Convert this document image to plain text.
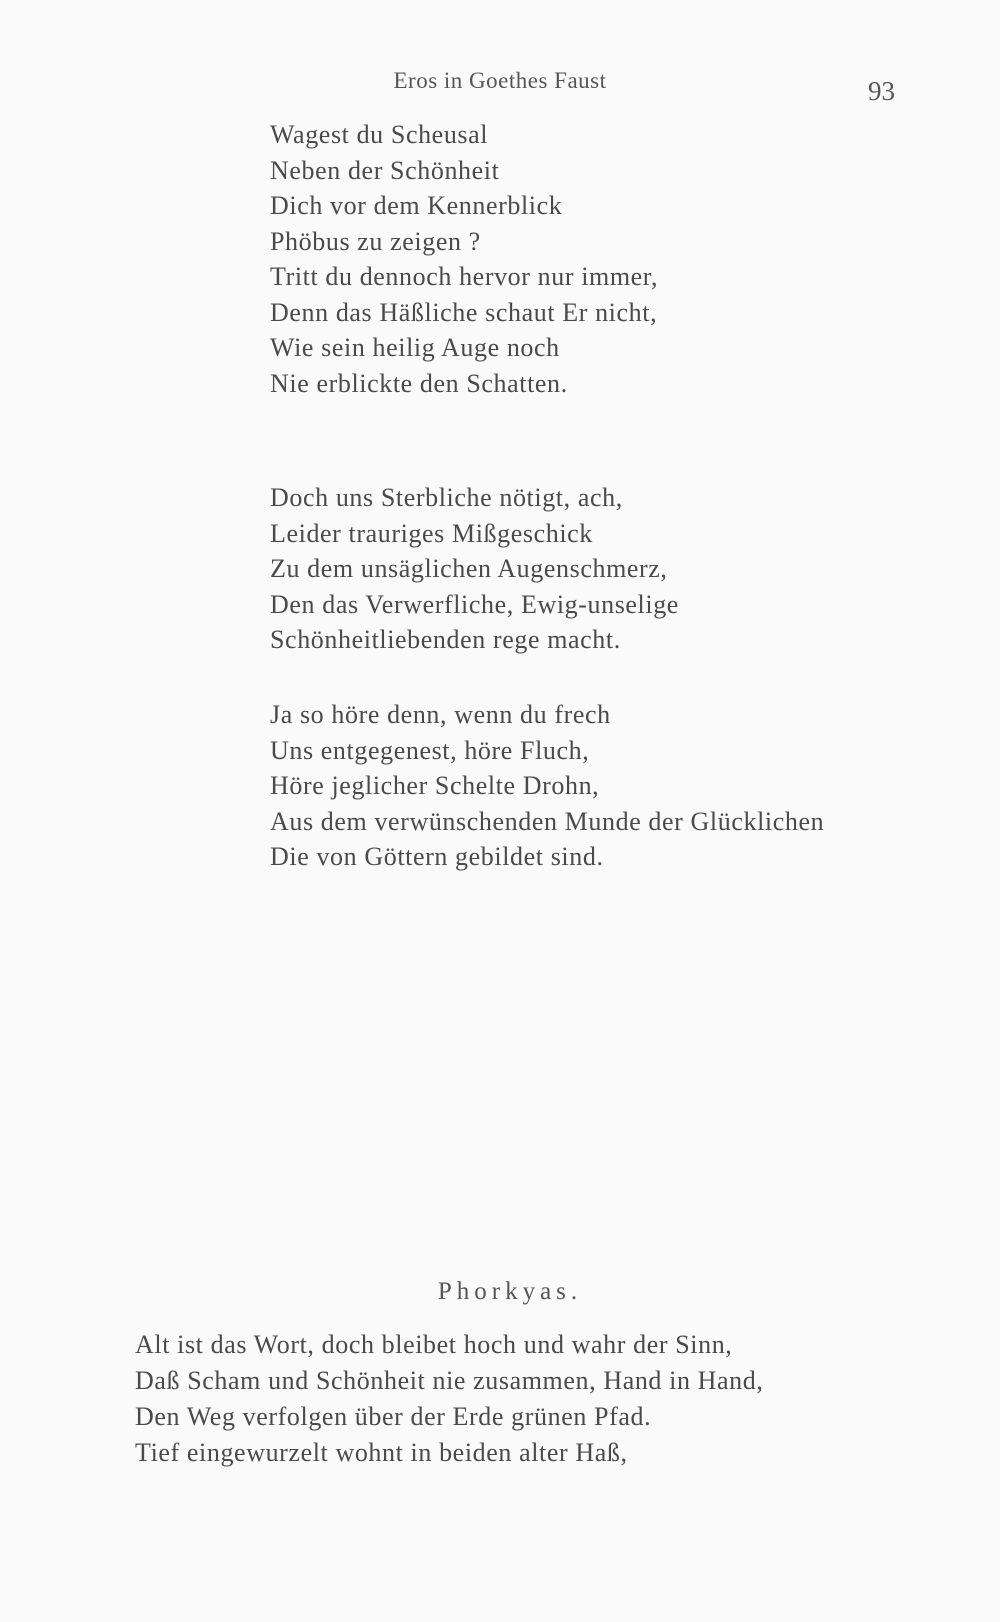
Eros in Goethes Faust	93
Wagest du Scheusal
Neben der Schönheit
Dich vor dem Kennerblick
Phöbus zu zeigen ?
Tritt du dennoch hervor nur immer,
Denn das Häßliche schaut Er nicht,
Wie sein heilig Auge noch
Nie erblickte den Schatten.
Doch uns Sterbliche nötigt, ach,
Leider trauriges Mißgeschick
Zu dem unsäglichen Augenschmerz,
Den das Verwerfliche, Ewig-unselige
Schönheitliebenden rege macht.
Ja so höre denn, wenn du frech
Uns entgegenest, höre Fluch,
Höre jeglicher Schelte Drohn,
Aus dem verwünschenden Munde der Glücklichen
Die von Göttern gebildet sind.
Phorkyas.
Alt ist das Wort, doch bleibet hoch und wahr der Sinn,
Daß Scham und Schönheit nie zusammen, Hand in Hand,
Den Weg verfolgen über der Erde grünen Pfad.
Tief eingewurzelt wohnt in beiden alter Haß,
